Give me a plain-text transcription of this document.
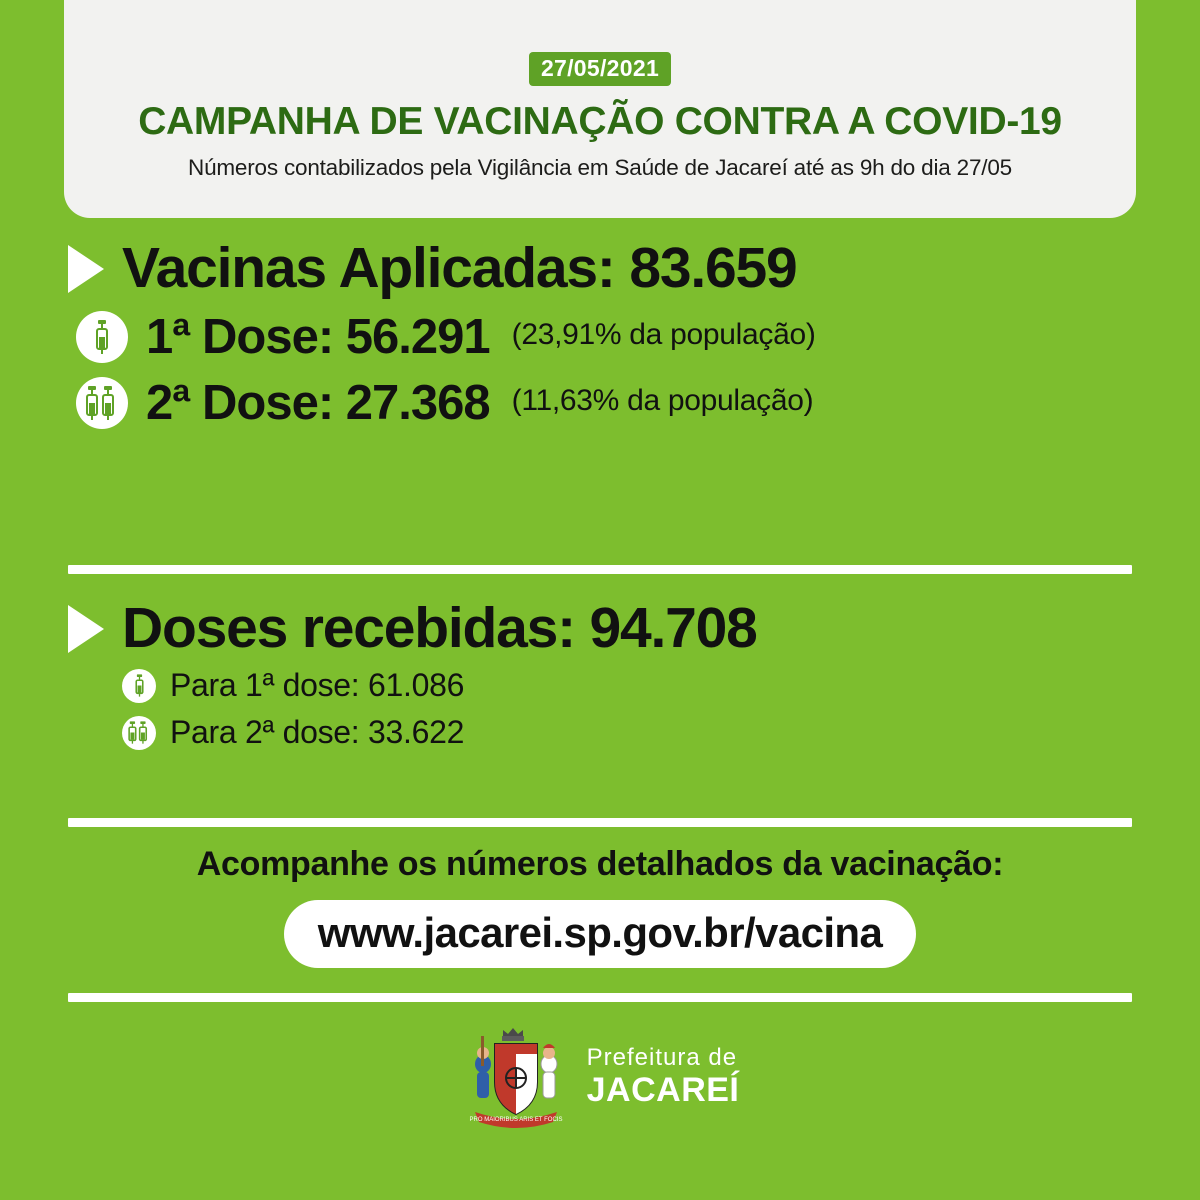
27/05/2021
CAMPANHA DE VACINAÇÃO CONTRA A COVID-19
Números contabilizados pela Vigilância em Saúde de Jacareí até as 9h do dia 27/05
Vacinas Aplicadas: 83.659
1ª Dose: 56.291 (23,91% da população)
2ª Dose: 27.368 (11,63% da população)
Doses recebidas: 94.708
Para 1ª dose: 61.086
Para 2ª dose: 33.622
Acompanhe os números detalhados da vacinação:
www.jacarei.sp.gov.br/vacina
PRO MAIORIBUS ARIS ET FOCIS
Prefeitura de
JACAREÍ
